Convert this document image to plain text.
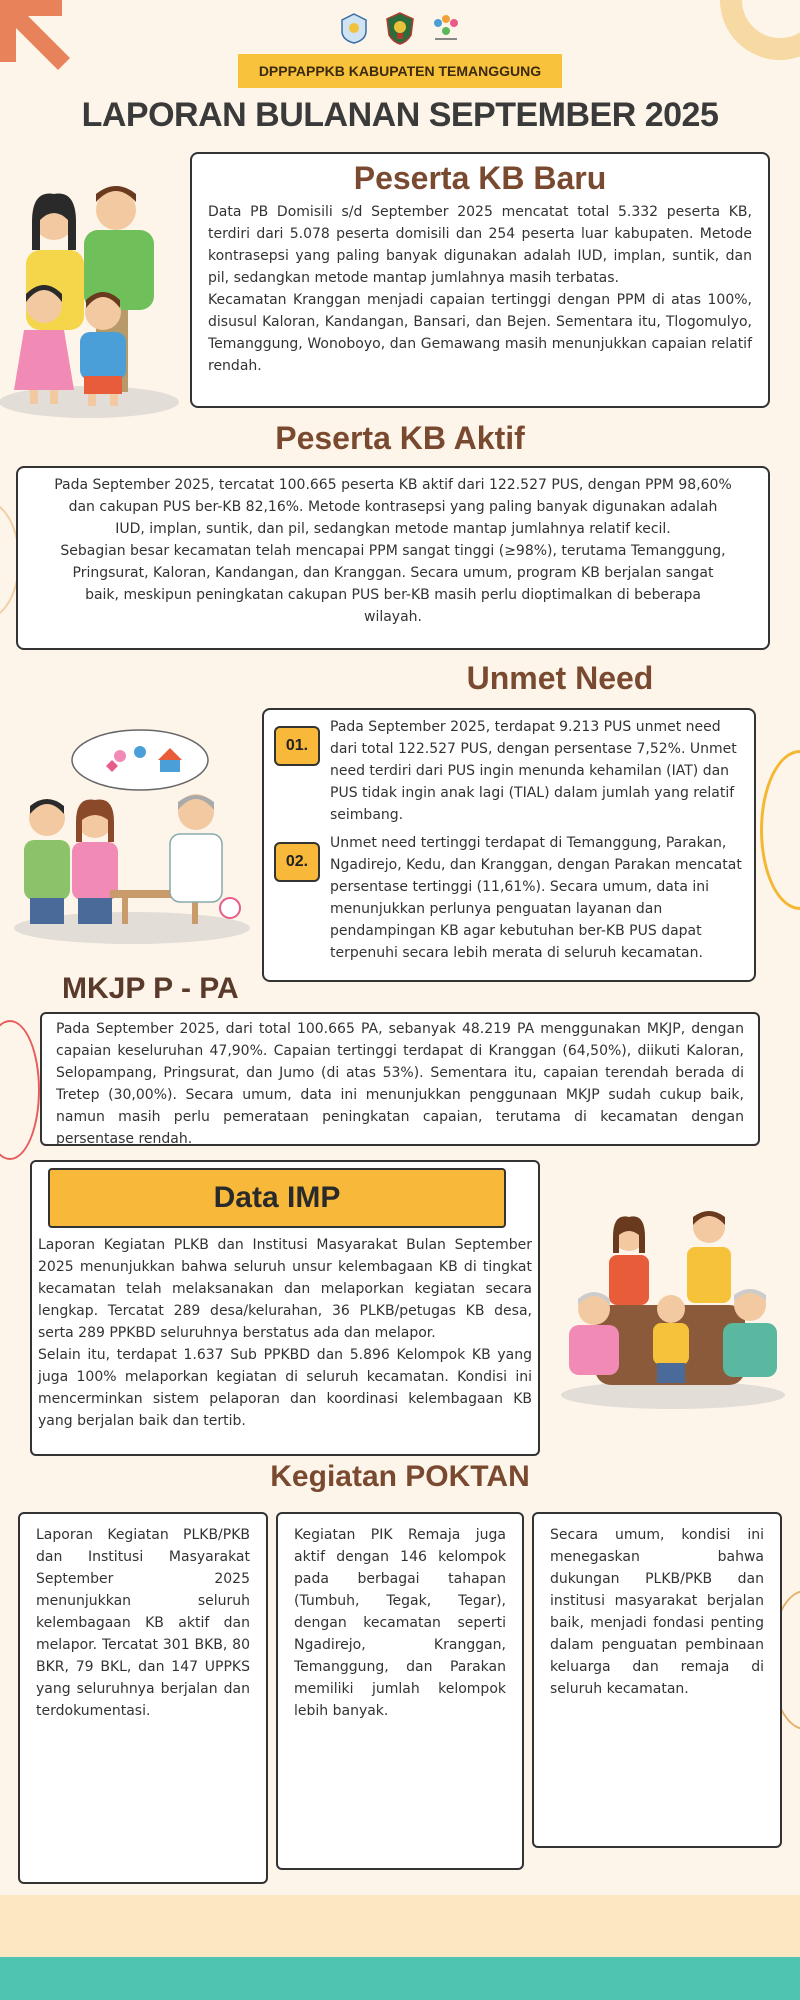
DPPPAPPKB KABUPATEN TEMANGGUNG
LAPORAN BULANAN SEPTEMBER 2025
Peserta KB Baru

Data PB Domisili s/d September 2025 mencatat total 5.332 peserta KB, terdiri dari 5.078 peserta domisili dan 254 peserta luar kabupaten. Metode kontrasepsi yang paling banyak digunakan adalah IUD, implan, suntik, dan pil, sedangkan metode mantap jumlahnya masih terbatas.

Kecamatan Kranggan menjadi capaian tertinggi dengan PPM di atas 100%, disusul Kaloran, Kandangan, Bansari, dan Bejen. Sementara itu, Tlogomulyo, Temanggung, Wonoboyo, dan Gemawang masih menunjukkan capaian relatif rendah.

Peserta KB Aktif

Pada September 2025, tercatat 100.665 peserta KB aktif dari 122.527 PUS, dengan PPM 98,60% dan cakupan PUS ber-KB 82,16%. Metode kontrasepsi yang paling banyak digunakan adalah IUD, implan, suntik, dan pil, sedangkan metode mantap jumlahnya relatif kecil.

Sebagian besar kecamatan telah mencapai PPM sangat tinggi (≥98%), terutama Temanggung, Pringsurat, Kaloran, Kandangan, dan Kranggan. Secara umum, program KB berjalan sangat baik, meskipun peningkatan cakupan PUS ber-KB masih perlu dioptimalkan di beberapa wilayah.

Unmet Need
01.

Pada September 2025, terdapat 9.213 PUS unmet need dari total 122.527 PUS, dengan persentase 7,52%. Unmet need terdiri dari PUS ingin menunda kehamilan (IAT) dan PUS tidak ingin anak lagi (TIAL) dalam jumlah yang relatif seimbang.

02.

Unmet need tertinggi terdapat di Temanggung, Parakan, Ngadirejo, Kedu, dan Kranggan, dengan Parakan mencatat persentase tertinggi (11,61%). Secara umum, data ini menunjukkan perlunya penguatan layanan dan pendampingan KB agar kebutuhan ber-KB PUS dapat terpenuhi secara lebih merata di seluruh kecamatan.

MKJP P - PA

Pada September 2025, dari total 100.665 PA, sebanyak 48.219 PA menggunakan MKJP, dengan capaian keseluruhan 47,90%. Capaian tertinggi terdapat di Kranggan (64,50%), diikuti Kaloran, Selopampang, Pringsurat, dan Jumo (di atas 53%). Sementara itu, capaian terendah berada di Tretep (30,00%). Secara umum, data ini menunjukkan penggunaan MKJP sudah cukup baik, namun masih perlu pemerataan peningkatan capaian, terutama di kecamatan dengan persentase rendah.

Data IMP

Laporan Kegiatan PLKB dan Institusi Masyarakat Bulan September 2025 menunjukkan bahwa seluruh unsur kelembagaan KB di tingkat kecamatan telah melaksanakan dan melaporkan kegiatan secara lengkap. Tercatat 289 desa/kelurahan, 36 PLKB/petugas KB desa, serta 289 PPKBD seluruhnya berstatus ada dan melapor.

Selain itu, terdapat 1.637 Sub PPKBD dan 5.896 Kelompok KB yang juga 100% melaporkan kegiatan di seluruh kecamatan. Kondisi ini mencerminkan sistem pelaporan dan koordinasi kelembagaan KB yang berjalan baik dan tertib.

Kegiatan POKTAN

Laporan Kegiatan PLKB/PKB dan Institusi Masyarakat September 2025 menunjukkan seluruh kelembagaan KB aktif dan melapor. Tercatat 301 BKB, 80 BKR, 79 BKL, dan 147 UPPKS yang seluruhnya berjalan dan terdokumentasi.

Kegiatan PIK Remaja juga aktif dengan 146 kelompok pada berbagai tahapan (Tumbuh, Tegak, Tegar), dengan kecamatan seperti Ngadirejo, Kranggan, Temanggung, dan Parakan memiliki jumlah kelompok lebih banyak.

Secara umum, kondisi ini menegaskan bahwa dukungan PLKB/PKB dan institusi masyarakat berjalan baik, menjadi fondasi penting dalam penguatan pembinaan keluarga dan remaja di seluruh kecamatan.
